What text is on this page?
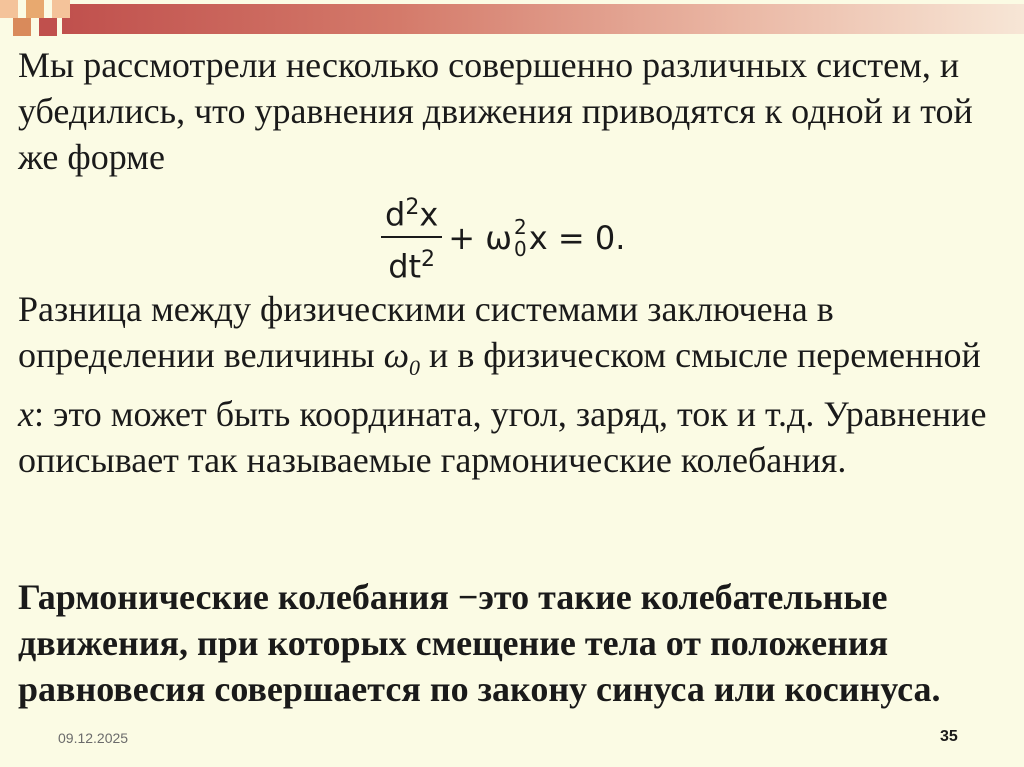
Мы рассмотрели несколько совершенно различных систем, и убедились, что уравнения движения приводятся к одной и той же форме

$\frac{d^2x}{dt^2} + \omega$ 2
0 x = 0.

Разница между физическими системами заключена в определении величины $\omega_0$ и в физическом смысле переменной x: это может быть координата, угол, заряд, ток и т.д. Уравнение описывает так называемые гармонические колебания.

Гармонические колебания −это такие колебательные движения, при которых смещение тела от положения равновесия совершается по закону синуса или косинуса.

09.12.2025	35
